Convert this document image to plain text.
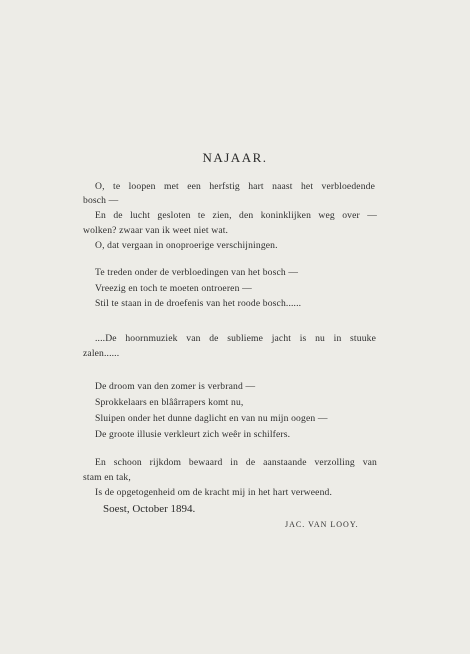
NAJAAR.
O, te loopen met een herfstig hart naast het verbloedende
bosch —
En de lucht gesloten te zien, den koninklijken weg over —
wolken? zwaar van ik weet niet wat.
O, dat vergaan in onoproerige verschijningen.
Te treden onder de verbloedingen van het bosch —
Vreezig en toch te moeten ontroeren —
Stil te staan in de droefenis van het roode bosch......
....De hoornmuziek van de sublieme jacht is nu in stuuke
zalen......
De droom van den zomer is verbrand —
Sprokkelaars en blâârrapers komt nu,
Sluipen onder het dunne daglicht en van nu mijn oogen —
De groote illusie verkleurt zich weêr in schilfers.
En schoon rijkdom bewaard in de aanstaande verzolling van
stam en tak,
Is de opgetogenheid om de kracht mij in het hart verweend.
Soest, October 1894.
JAC. VAN LOOY.
